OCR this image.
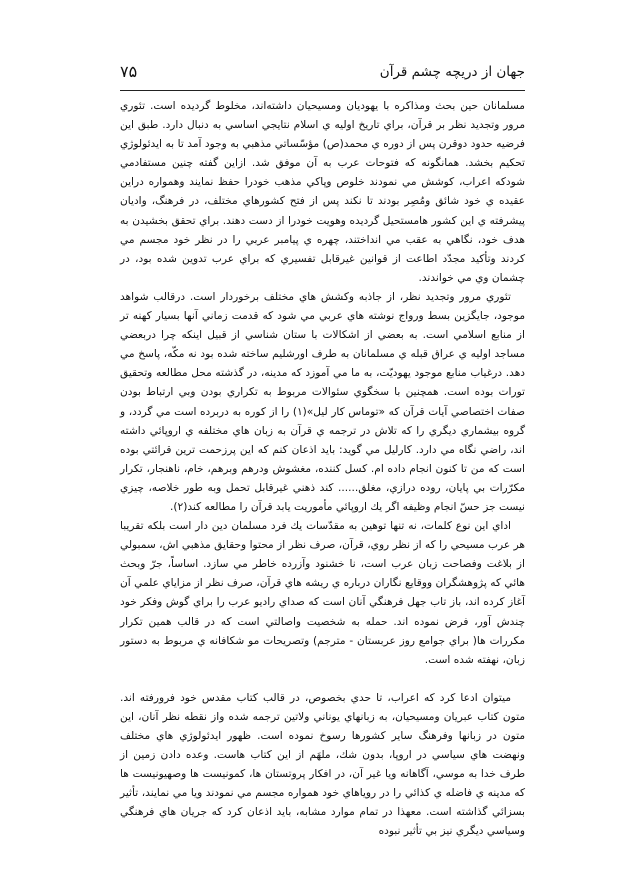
۷۵	جهان از دریچه چشم قرآن

مسلمانان حين بحث ومذاكره با يهوديان ومسيحيان داشته‌اند، مخلوط گرديده است. تئوري مرور وتجديد نظر بر قرآن، براي تاريخ اوليه ي اسلام نتايجي اساسي به دنبال دارد. طبق اين فرضيه حدود دوقرن پس از دوره ي محمد(ص) مؤسّساتي مذهبي به وجود آمد تا به ايدئولوژي تحكيم بخشد. همانگونه كه فتوحات عرب به آن موفق شد. ازاين گفته چنين مستفادمي شودكه اعراب، كوشش مي نمودند خلوص وپاكي مذهب خودرا حفظ نمايند وهمواره دراين عقيده ي خود شائق ومُصِر بودند تا نكند پس از فتح كشورهاي مختلف، در فرهنگ، واديان پيشرفته ي اين كشور هامستحيل گرديده وهويت خودرا از دست دهند. براي تحقق بخشيدن به هدف خود، نگاهي به عقب مي انداختند، چهره ي پيامبر عربي را در نظر خود مجسم مي كردند وتأكيد مجدّد اطاعت از قوانين غيرقابل تفسيري كه براي عرب تدوين شده بود، در چشمان وي مي خواندند.

تئوري مرور وتجديد نظر، از جاذبه وكشش هاي مختلف برخوردار است. درقالب شواهد موجود، جايگزين بسط ورواج نوشته هاي عربي مي شود كه قدمت زماني آنها بسيار كهنه تر از منابع اسلامي است. به بعضي از اشكالات با ستان شناسي از قبيل اينكه چرا دربعضي مساجد اوليه ي عراق قبله ي مسلمانان به طرف اورشليم ساخته شده بود نه مكّه، پاسخ مي دهد. درغياب منابع موجود يهوديّت، به ما مي آموزد كه مدينه، در گذشته محل مطالعه وتحقيق تورات بوده است. همچنين با سخگوي سئوالات مربوط به تكراري بودن وبي ارتباط بودن صفات اختصاصي آيات قرآن كه «توماس كار ليل»(۱) را از كوره به دربرده است مي گردد، و گروه بيشماري ديگري را كه تلاش در ترجمه ي قرآن به زبان هاي مختلفه ي اروپائي داشته اند، راضي نگاه مي دارد. كارليل مي گويد: بايد اذعان كنم كه اين پرزحمت ترين قرائتي بوده است كه من تا كنون انجام داده ام. كسل كننده، مغشوش ودرهم وبرهم، خام، ناهنجار، تكرار مكرّرات بي پايان، روده درازي، مغلق...... كند ذهني غيرقابل تحمل وبه طور خلاصه، چيزي نيست جز حسّ انجام وظيفه اگر يك اروپائي مأموريت يابد قرآن را مطالعه كند(۲).

اداي اين نوع كلمات، نه تنها توهين به مقدّسات يك فرد مسلمان دين دار است بلكه تقريبا هر عرب مسيحي را كه از نظر روي، قرآن، صرف نظر از محتوا وحقايق مذهبي اش، سمبولي از بلاغت وفصاحت زبان عرب است، نا خشنود وآزرده خاطر مي سازد. اساساً، جرّ وبحث هائي كه پژوهشگران ووقايع نگاران درباره ي ريشه هاي قرآن، صرف نظر از مزاياي علمي آن آغاز كرده اند، باز تاب جهل فرهنگي آنان است كه صداي راديو عرب را براي گوش وفكر خود چندش آور، فرض نموده اند. حمله به شخصيت واصالتي است كه در قالب همين تكرار مكررات ها( براي جوامع روز عربستان - مترجم) وتصريحات مو شكافانه ي مربوط به دستور زبان، نهفته شده است.

ميتوان ادعا كرد كه اعراب، تا حدي بخصوص، در قالب كتاب مقدس خود فرورفته اند. متون كتاب عبريان ومسيحيان، به زبانهاي يوناني ولاتين ترجمه شده واز نقطه نظر آنان، اين متون در زبانها وفرهنگ ساير كشورها رسوخ نموده است. ظهور ايدئولوژي هاي مختلف ونهضت هاي سياسي در اروپا، بدون شك، ملهَم از اين كتاب هاست. وعده دادن زمين از طرف خدا به موسي، آگاهانه ويا غير آن، در افكار پروتستان ها، كمونيست ها وصهيونيست ها كه مدينه ي فاضله ي كذائي را در روياهاي خود همواره مجسم مي نمودند ويا مي نمايند، تأثير بسزائي گذاشته است. معهذا در تمام موارد مشابه، بايد اذعان كرد كه جريان هاي فرهنگي وسياسي ديگري نيز بي تأثير نبوده
